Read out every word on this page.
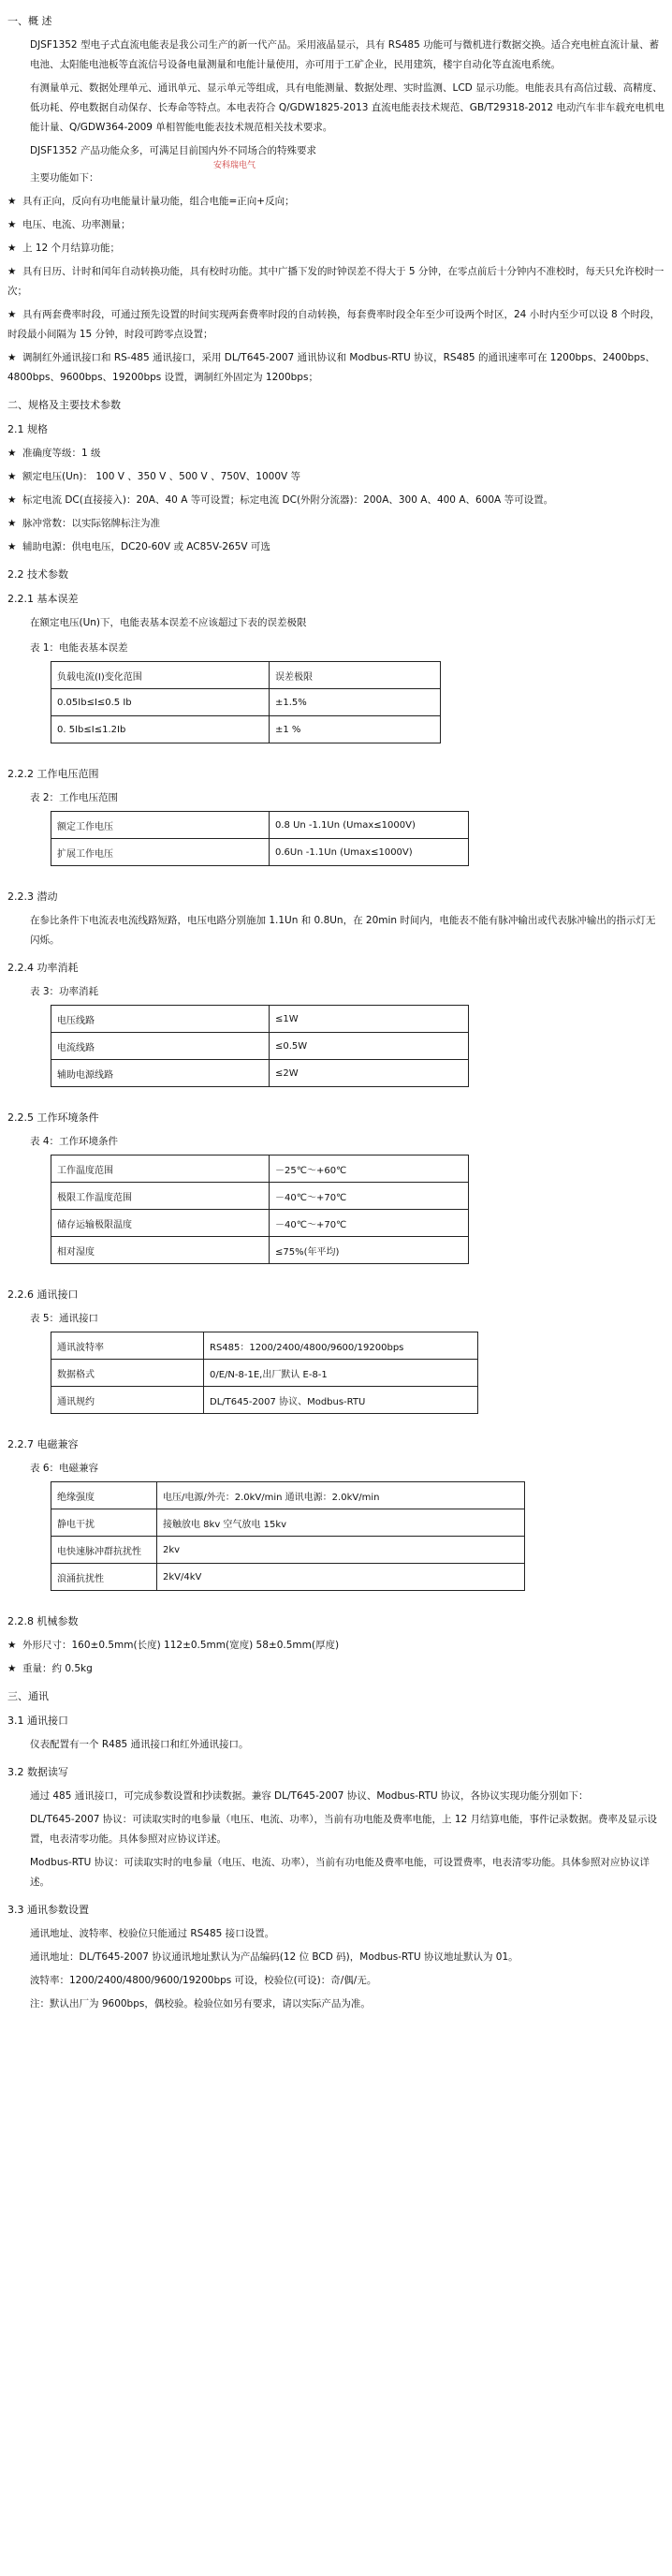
一、概 述
DJSF1352 型电子式直流电能表是我公司生产的新一代产品。采用液晶显示，具有 RS485 功能可与微机进行数据交换。适合充电桩直流计量、蓄电池、太阳能电池板等直流信号设备电量测量和电能计量使用，亦可用于工矿企业，民用建筑，楼宇自动化等直流电系统。
有测量单元、数据处理单元、通讯单元、显示单元等组成，具有电能测量、数据处理、实时监测、LCD 显示功能。电能表具有高信过载、高精度、低功耗、停电数据自动保存、长寿命等特点。本电表符合 Q/GDW1825-2013 直流电能表技术规范、GB/T29318-2012 电动汽车非车载充电机电能计量、Q/GDW364-2009 单相智能电能表技术规范相关技术要求。
DJSF1352 产品功能众多，可满足目前国内外不同场合的特殊要求
安科瑞电气
主要功能如下：
★ 具有正向，反向有功电能量计量功能，组合电能=正向+反向；
★ 电压、电流、功率测量；
★ 上 12 个月结算功能；
★ 具有日历、计时和闰年自动转换功能，具有校时功能。其中广播下发的时钟误差不得大于 5 分钟，在零点前后十分钟内不准校时，每天只允许校时一次；
★ 具有两套费率时段，可通过预先设置的时间实现两套费率时段的自动转换，每套费率时段全年至少可设两个时区，24 小时内至少可以设 8 个时段，时段最小间隔为 15 分钟，时段可跨零点设置；
★ 调制红外通讯接口和 RS-485 通讯接口，采用 DL/T645-2007 通讯协议和 Modbus-RTU 协议，RS485 的通讯速率可在 1200bps、2400bps、4800bps、9600bps、19200bps 设置，调制红外固定为 1200bps；
二、规格及主要技术参数
2.1 规格
★ 准确度等级：1 级
★ 额定电压(Un)： 100 V 、350 V 、500 V 、750V、1000V 等
★ 标定电流 DC(直接接入)：20A、40 A 等可设置；标定电流 DC(外附分流器)：200A、300 A、400 A、600A 等可设置。
★ 脉冲常数：以实际铭牌标注为准
★ 辅助电源：供电电压，DC20-60V 或 AC85V-265V 可选
2.2 技术参数
2.2.1 基本误差
在额定电压(Un)下，电能表基本误差不应该超过下表的误差极限
表 1：电能表基本误差
负载电流(I)变化范围	误差极限
0.05Ib≤I≤0.5 Ib	±1.5%
0. 5Ib≤I≤1.2Ib	±1 %
2.2.2 工作电压范围
表 2：工作电压范围
额定工作电压	0.8 Un -1.1Un (Umax≤1000V)
扩展工作电压	0.6Un -1.1Un (Umax≤1000V)
2.2.3 潜动
在参比条件下电流表电流线路短路，电压电路分别施加 1.1Un 和 0.8Un，在 20min 时间内，电能表不能有脉冲输出或代表脉冲输出的指示灯无闪烁。
2.2.4 功率消耗
表 3：功率消耗
电压线路	≤1W
电流线路	≤0.5W
辅助电源线路	≤2W
2.2.5 工作环境条件
表 4：工作环境条件
工作温度范围	－25℃～+60℃
极限工作温度范围	－40℃～+70℃
储存运输极限温度	－40℃～+70℃
相对湿度	≤75%(年平均)
2.2.6 通讯接口
表 5：通讯接口
通讯波特率	RS485：1200/2400/4800/9600/19200bps
数据格式	0/E/N-8-1E,出厂默认 E-8-1
通讯规约	DL/T645-2007 协议、Modbus-RTU
2.2.7 电磁兼容
表 6：电磁兼容
绝缘强度	电压/电源/外壳：2.0kV/min 通讯电源：2.0kV/min
静电干扰	接触放电 8kv 空气放电 15kv
电快速脉冲群抗扰性	2kv
浪涌抗扰性	2kV/4kV
2.2.8 机械参数
★ 外形尺寸：160±0.5mm(长度) 112±0.5mm(宽度) 58±0.5mm(厚度)
★ 重量：约 0.5kg
三、通讯
3.1 通讯接口
仪表配置有一个 R485 通讯接口和红外通讯接口。
3.2 数据读写
通过 485 通讯接口，可完成参数设置和抄读数据。兼容 DL/T645-2007 协议、Modbus-RTU 协议，各协议实现功能分别如下：
DL/T645-2007 协议：可读取实时的电参量（电压、电流、功率），当前有功电能及费率电能，上 12 月结算电能，事件记录数据。费率及显示设置，电表清零功能。具体参照对应协议详述。
Modbus-RTU 协议：可读取实时的电参量（电压、电流、功率），当前有功电能及费率电能，可设置费率，电表清零功能。具体参照对应协议详述。
3.3 通讯参数设置
通讯地址、波特率、校验位只能通过 RS485 接口设置。
通讯地址：DL/T645-2007 协议通讯地址默认为产品编码(12 位 BCD 码)，Modbus-RTU 协议地址默认为 01。
波特率：1200/2400/4800/9600/19200bps 可设，校验位(可设)：奇/偶/无。
注：默认出厂为 9600bps，偶校验。检验位如另有要求，请以实际产品为准。
